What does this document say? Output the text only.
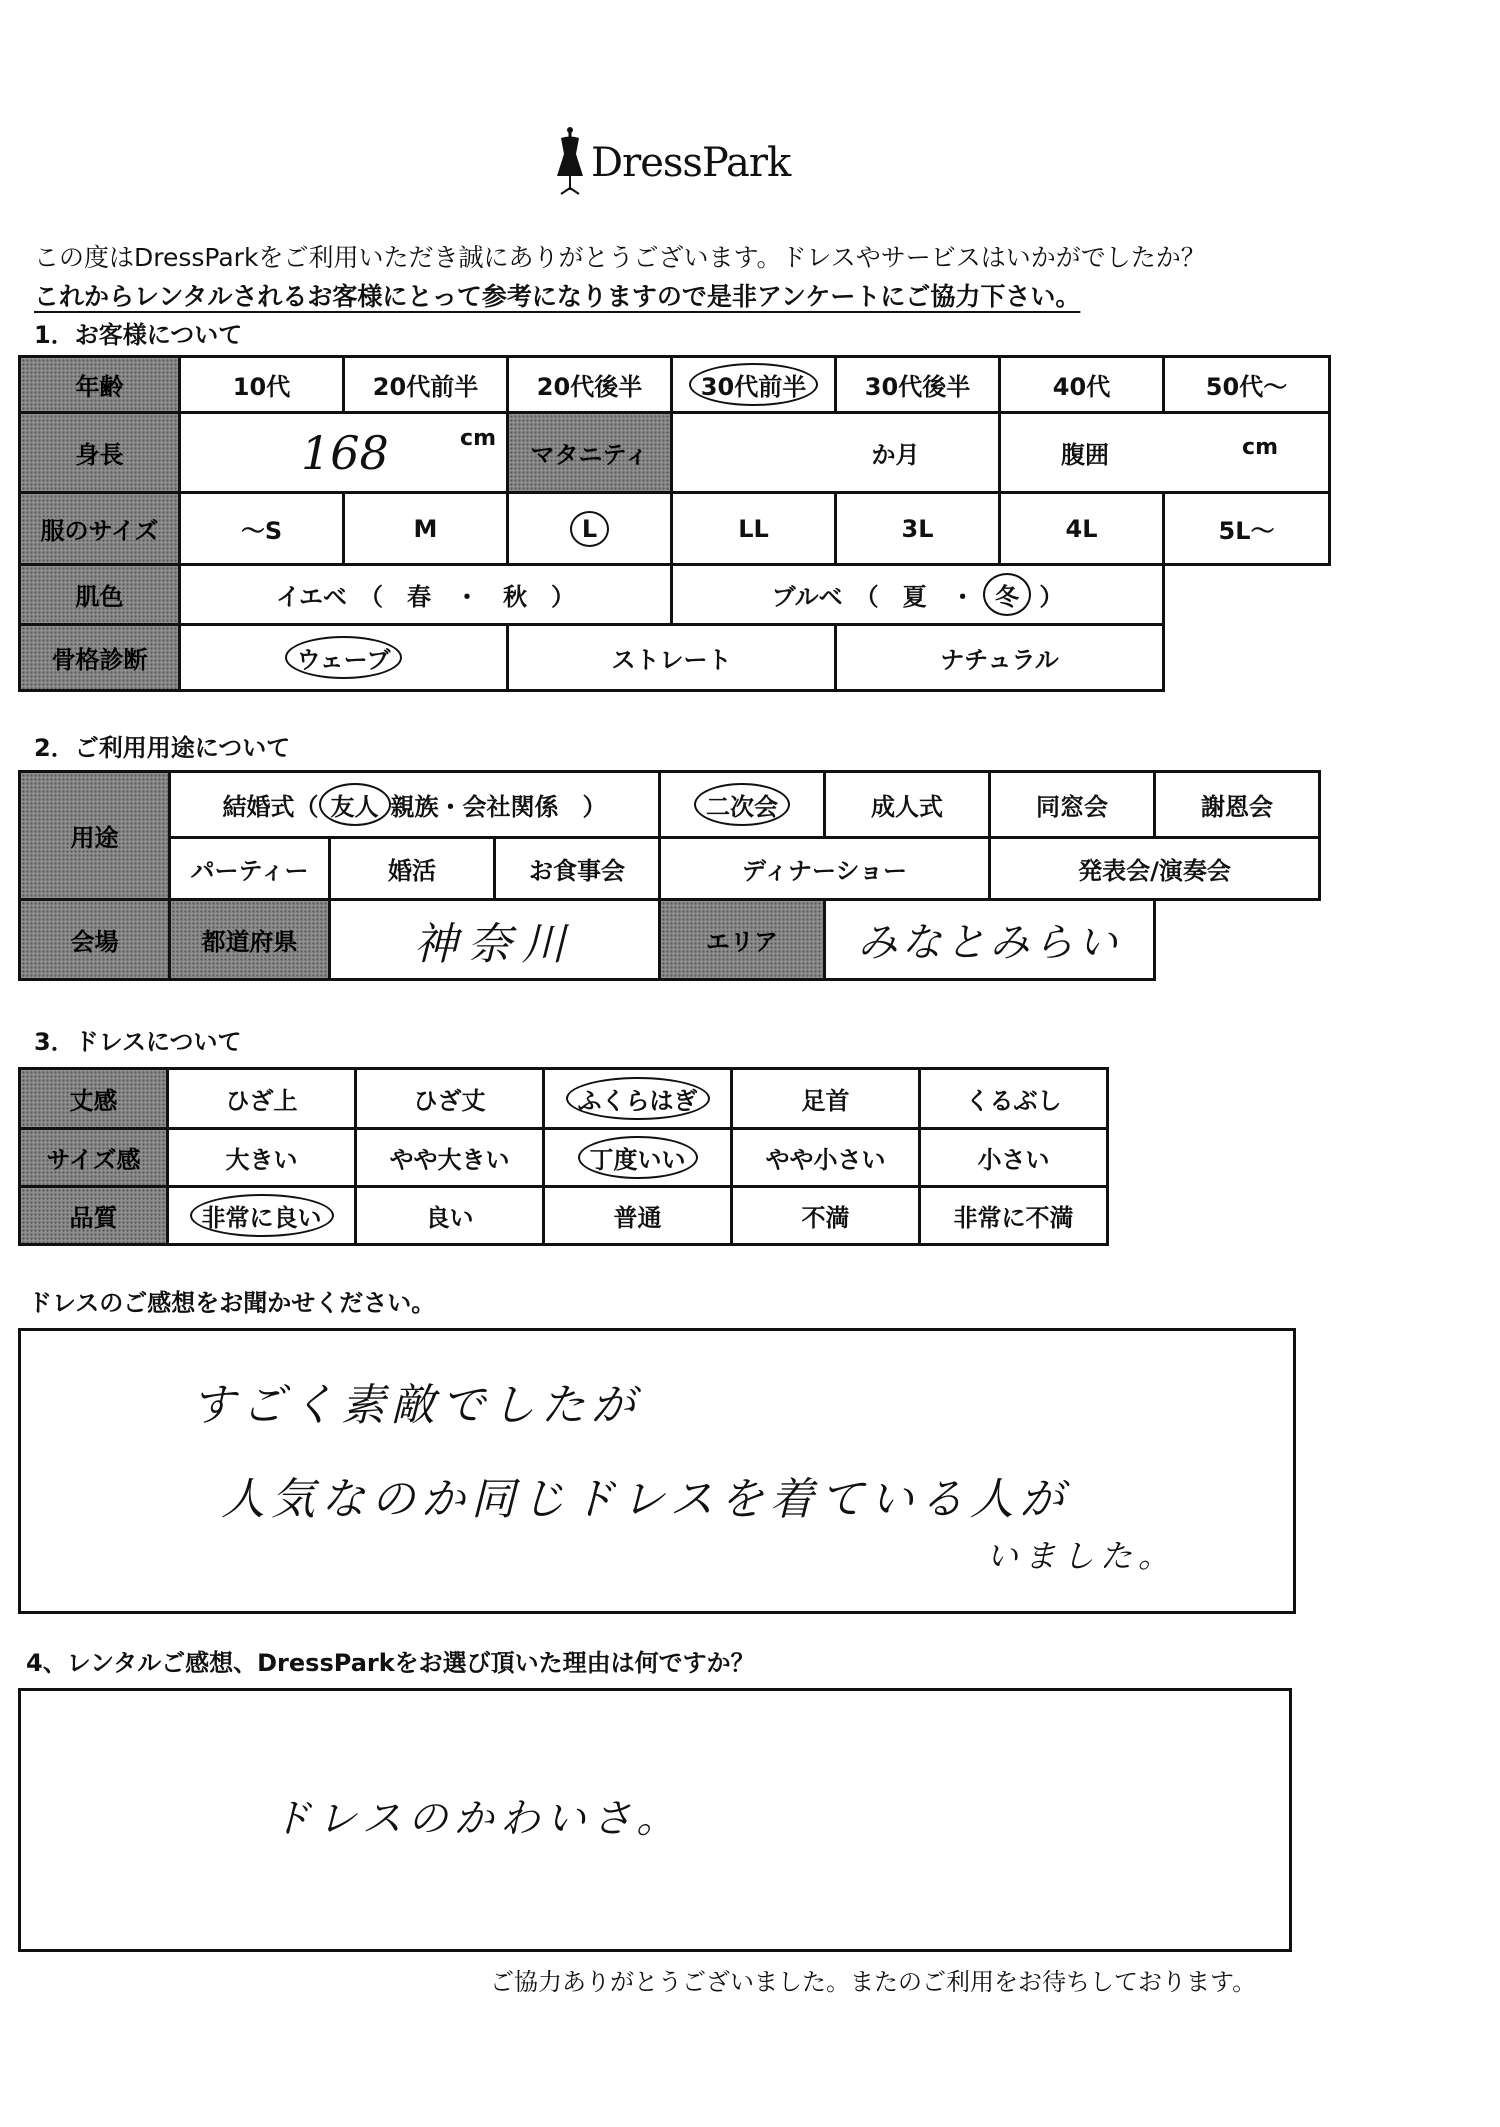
DressPark
この度はDressParkをご利用いただき誠にありがとうございます。ドレスやサービスはいかがでしたか？
これからレンタルされるお客様にとって参考になりますので是非アンケートにご協力下さい。
1．お客様について
年齢	10代	20代前半	20代後半	30代前半	30代後半	40代	50代〜
身長	168 cm		マタニティ	か月		腹囲 cm	

服のサイズ	〜S	M	L	LL	3L	4L	5L〜
肌色	イエベ　（　春　・　秋　）			ブルベ　（　夏　・ 冬 ）			
骨格診断	ウェーブ		ストレート		ナチュラル		
2．ご利用用途について
用途	結婚式（ 友人 親族・会社関係　）			二次会	成人式	同窓会	謝恩会
	パーティー	婚活	お食事会	ディナーショー		発表会/演奏会	
会場	都道府県	神奈川		エリア	みなとみらい		
3．ドレスについて
丈感	ひざ上	ひざ丈	ふくらはぎ	足首	くるぶし
サイズ感	大きい	やや大きい	丁度いい	やや小さい	小さい
品質	非常に良い	良い	普通	不満	非常に不満
ドレスのご感想をお聞かせください。
すごく素敵でしたが
人気なのか同じドレスを着ている人が
いました。
4、レンタルご感想、DressParkをお選び頂いた理由は何ですか？
ドレスのかわいさ。
ご協力ありがとうございました。またのご利用をお待ちしております。
